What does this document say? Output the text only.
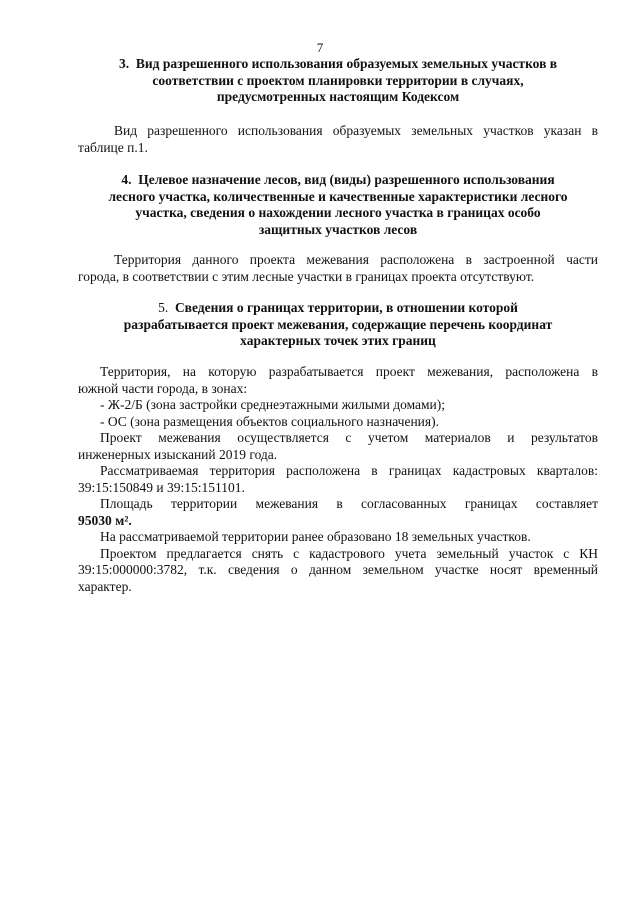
7
3. Вид разрешенного использования образуемых земельных участков в
соответствии с проектом планировки территории в случаях,
предусмотренных настоящим Кодексом
Вид разрешенного использования образуемых земельных участков указан в
таблице п.1.
4. Целевое назначение лесов, вид (виды) разрешенного использования
лесного участка, количественные и качественные характеристики лесного
участка, сведения о нахождении лесного участка в границах особо
защитных участков лесов
Территория данного проекта межевания расположена в застроенной части
города, в соответствии с этим лесные участки в границах проекта отсутствуют.
5. Сведения о границах территории, в отношении которой
разрабатывается проект межевания, содержащие перечень координат
характерных точек этих границ
Территория, на которую разрабатывается проект межевания, расположена в
южной части города, в зонах:
- Ж-2/Б (зона застройки среднеэтажными жилыми домами);
- ОС (зона размещения объектов социального назначения).
Проект межевания осуществляется с учетом материалов и результатов
инженерных изысканий 2019 года.
Рассматриваемая территория расположена в границах кадастровых кварталов:
39:15:150849 и 39:15:151101.
Площадь территории межевания в согласованных границах составляет
95030 м².
На рассматриваемой территории ранее образовано 18 земельных участков.
Проектом предлагается снять с кадастрового учета земельный участок с КН
39:15:000000:3782, т.к. сведения о данном земельном участке носят временный
характер.
